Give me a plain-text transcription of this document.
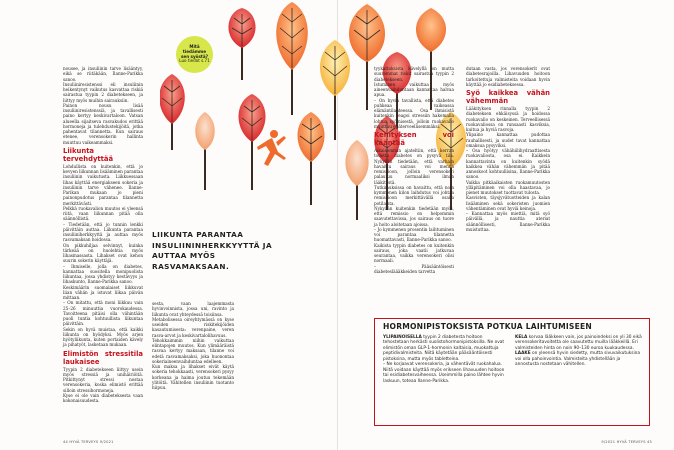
Mitä
tiedämme
sen syöstä?
Luo tiedot s.71

nousee, ja insuliinin tarve lisääntyy, eikä se riitäkään, Ilanne-Parikka sanoo.

Insuliiniresistenssi eli insuliinin heikentynyt vaikutus kasvattaa riskiä sairastua tyypin 2 diabetekseen, ja liittyy myös muihin sairauksiin.

Painon nousu lisää insuliiniresistenssiä, ja tavallisesti paino kertyy keskivartaloon. Vatsan alueella sijaitseva rasvakudos erittää hormoneja ja tulehdustekijöitä, jotka pahentavat tilannetta. Kun sairaus etenee, verensokerin hallinta muuttuu vaikeammaksi.

Liikunta tervehdyttää

Lohdullista on kuitenkin, että jo kevyen liikunnan lisääminen parantaa insuliinin vaikutusta. Liikkuessaan lihas käyttää energiakseen sokeria ja insuliinin tarve vähenee. Ilanne-Parikan mukaan jo pieni painonpudotus parantaa tilannetta merkittävästi.

Pelkkä ruokavalion muutos ei yleensä riitä, vaan liikunnan pitää olla säännöllistä.

– Tiedetään, että jo tunnin lenkki päivittäin auttaa. Liikunta parantaa insuliiniherkkyyttä ja auttaa myös rasvamaksan hoidossa.

On pikkuhiljaa selvinnyt, kuinka tärkeää on huolehtia myös lihasmassasta. Lihakset ovat kehon suurin sokerin käyttäjä.

– Ihmiselle, jolla on diabetes, kannattaa suositella monipuolista liikuntaa, jossa yhdistyy kestävyys ja lihaskunto, Ilanne-Parikka sanoo.

Keskimäärin suomalaiset liikkuvat liian vähän ja istuvat liikaa päivän mittaan.

– On mitattu, että moni liikkuu vain 25–26 minuuttia vuorokaudessa. Tavoitteena pitäisi olla vähintään puoli tuntia kohtuullista liikuntaa päivittäin.

Sekin on hyvä muistaa, että kaikki liikunta on hyödyksi. Myös arjen hyötyliikunta, kuten portaiden kävely ja pihatyöt, lasketaan mukaan.

Elimistön stressitila laukaisee

Tyypin 2 diabetekseen liittyy usein myös stressiä ja unihäiriöitä. Pitkittynyt stressi nostaa verensokeria, koska elimistö erittää silloin stressihormoneja.

Kyse ei ole vain diabeteksesta vaan kokonaisuudesta.

LIIKUNTA PARANTAA INSULIININHERKKYYTTÄ JA AUTTAA MYÖS RASVAMAKSAAN.

sesta, vaan laajemmasta hyvinvoinnista, jossa uni, ravinto ja liikunta ovat yhteydessä toisiinsa.

Metabolisessa oireyhtymässä on kyse useiden riskitekijöiden kasautumisesta: verenpaine, veren rasva-arvot ja keskivartalolihavuus.

Tehokkaimmin niihin vaikuttaa elintapojen muutos. Kun ylimääräistä rasvaa kertyy maksaan, tilanne voi edetä rasvamaksaksi, joka huonontaa sokeriaineenvaihduntaa edelleen.

Kun maksa ja lihakset eivät käytä sokeria tehokkaasti, verensokeri pysyy korkeana ja haima joutuu tekemään ylitöitä. Vähitellen insuliinin tuotanto hiipuu.

tyykattoksista kävelyllä on mutta suuremmat riskit sairastua tyypin 2 diabetekseen.

Istuminen vaikuttaa myös aineenvaihduntaan kannattaa halvaa apua.

– On hyvin tavallista, että diabetes puhkeaa vaikeassa elämäntilanteessa. Osa ihmisistä kuitenkin reagoi stressiin hakemalla lohtua syömisestä, jolloin ruokavalio muuttuu epäterveellisemmäksi.

Kehityksen voi kääntää

Aikaisemmin ajateltiin, että kerran todettu diabetes on pysyvä tila. Nykyään tiedetään, että varhain havaittu sairaus voi mennä remissioon, jolloin verensokeri palautuu normaaliksi ilman lääkitystä.

Tutkimuksissa on havaittu, että noin kymmenen kilon laihdutus voi johtaa remissioon merkittävällä osalla potilaista.

Nykyään kuitenkin tiedetään myös, että remissio on helpommin saavutettavissa, jos sairaus on tuore ja hoito aloitetaan ajoissa.

– Jo kymmenen prosentin laihtuminen voi parantaa tilannetta huomattavasti, Ilanne-Parikka sanoo.

Kaikista tyypin diabetes on kuitenkin sairaus, joka vaatii jatkuvaa seurantaa, vaikka verensokeri olisi normaali.

– Pääsääntöisesti diabetesläääkkeiden tarvetta

dutaan vasta, jos verensokerit ovat diabetesrajoilla. Lihavuuden hoitoon tarkoitettuja valmisteita voidaan hyvin käyttää jo esidiabeteksessa.

Syö kaikkea vähän vähemmän

Lääkityksen rinnalla tyypin 2 diabeteksen ehkäisyssä ja hoidossa ruokavalio on keskeinen. Terveellisessä ruokavaliossa on runsaasti kasviksia, kuitua ja hyviä rasvoja.

Ylipaino kannattaa pudottaa rauhallisesti, ja uudet tavat kannattaa omaksua pysyviksi.

– Osa hyötyy vähähiilihydraattisesta ruokavaliosta, osa ei. Kaikkein kannattavinta on kuitenkin syödä kaikkea vähän vähemmän ja pitää annoskoot kohtuullisina, Ilanne-Parikka sanoo.

Vaikka pitkäaikaisten ruokamuutosten ylläpitäminen voi olla haastavaa, jo pienet muutokset tuottavat tulosta.

Kasvisten, täysjyvätuotteiden ja kalan lisääminen sekä sokeristen juomien vähentäminen ovat hyviä keinoja.

– Kannattaa myös miettiä, mitä syö päivällä, ja nauttia ateriat säännöllisesti, Ilanne-Parikka muistuttaa.

HORMONIPISTOKSISTA POTKUA LAIHTUMISEEN

YLIPAINOISELLA tyypin 2 diabetesta hoitoon tehostetaan herkästi suolistohormonipistoksilla. Ne ovat elimistön oman GLP-1-hormonin kaltaisia, muokattuja peptidivalmisteita. Niitä käytetään pääsääntöisesti pistoksina, mutta myös tabletteina.

– Ne korjaavat verensokeria, ja vähentävät ruokahalua. Niitä voidaan käyttää myös erikseen lihavuuden hoitoon tai esidiabetesvaiheessa. Useimmilla paino lähtee hyvin laskuun, toteaa Ilanne-Parikka.

KELA korvaa lääkkeen vain, jos painoindeksi on yli 30 eikä verensokeritavoitetta ole saavutettu muilla lääkkeillä. Eri valmisteiden hinta on noin 90–130 euroa kuukaudessa.

LAAKE on yleensä hyvin siedetty, mutta sivuvaikutuksina voi olla pahoinvointia. Valmisteita yhdistellään ja annostusta nostetaan vähitellen.

44 HYVÄ TERVEYS 9/2021	9/2021 HYVÄ TERVEYS 45
